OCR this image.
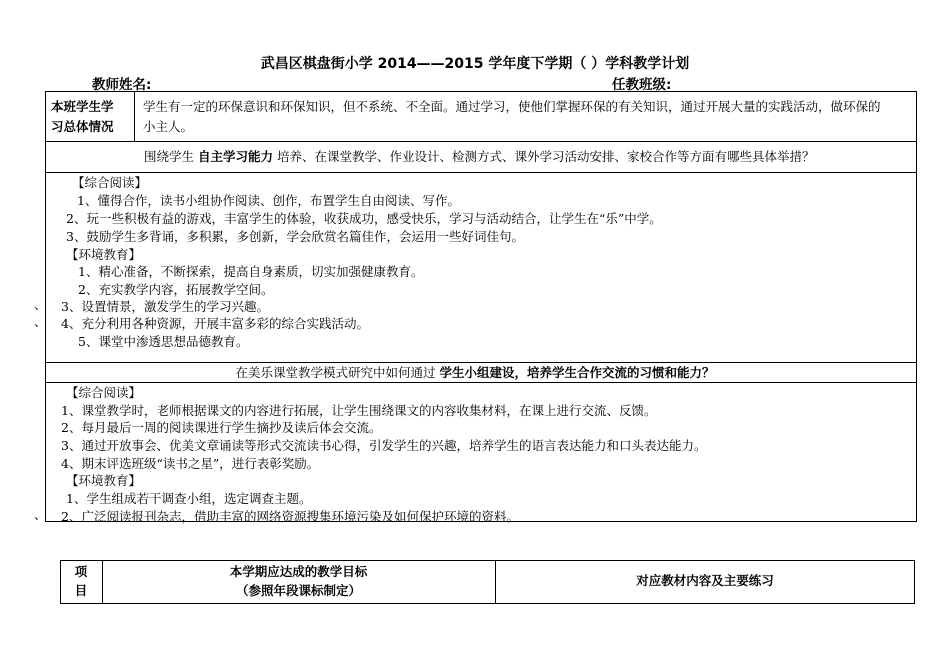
武昌区棋盘街小学 2014——2015 学年度下学期（ ）学科教学计划
教师姓名:	任教班级:
本班学生学
习总体情况
学生有一定的环保意识和环保知识，但不系统、不全面。通过学习，使他们掌握环保的有关知识，通过开展大量的实践活动，做环保的
小主人。
围绕学生 自主学习能力 培养、在课堂教学、作业设计、检测方式、课外学习活动安排、家校合作等方面有哪些具体举措？
【综合阅读】
1、懂得合作，读书小组协作阅读、创作，布置学生自由阅读、写作。
2、玩一些积极有益的游戏，丰富学生的体验，收获成功，感受快乐，学习与活动结合，让学生在“乐”中学。
3、鼓励学生多背诵，多积累，多创新，学会欣赏名篇佳作，会运用一些好词佳句。
【环境教育】
1、精心准备，不断探索，提高自身素质，切实加强健康教育。
2、充实教学内容，拓展教学空间。
3、设置情景，激发学生的学习兴趣。
4、充分利用各种资源，开展丰富多彩的综合实践活动。
5、课堂中渗透思想品德教育。
、
、
在美乐课堂教学模式研究中如何通过 学生小组建设，培养学生合作交流的习惯和能力？
【综合阅读】
1、课堂教学时，老师根据课文的内容进行拓展，让学生围绕课文的内容收集材料，在课上进行交流、反馈。
2、每月最后一周的阅读课进行学生摘抄及读后体会交流。
3、通过开放事会、优美文章诵读等形式交流读书心得，引发学生的兴趣，培养学生的语言表达能力和口头表达能力。
4、期末评选班级“读书之星”，进行表彰奖励。
【环境教育】
1、学生组成若干调查小组，选定调查主题。
2、广泛阅读报刊杂志，借助丰富的网络资源搜集环境污染及如何保护环境的资料。
、
项
目
本学期应达成的教学目标
（参照年段课标制定）
对应教材内容及主要练习
